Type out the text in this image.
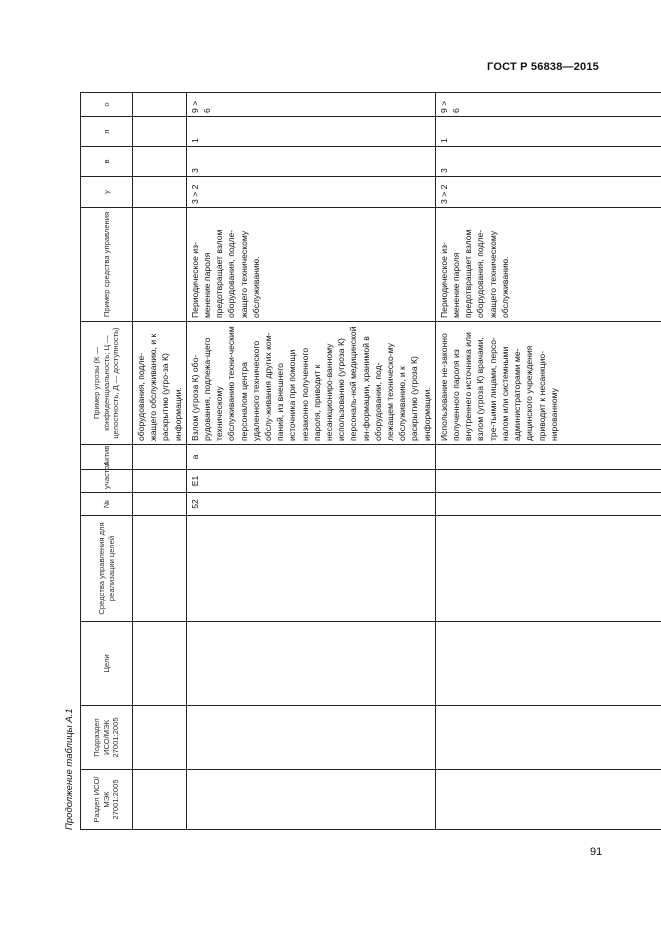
ГОСТ Р 56838—2015
Продолжение таблицы А.1 Раздел ИСО/МЭК 27001:2005	Подраздел ИСО/МЭК 27001:2005	Цели	Средства управления для реализации целей	№	участок	Актив	Пример угрозы (К — конфиденциальность; Ц — целостность, Д — доступность)	Пример средства управления	у	в	п	о
							оборудования, подле-жащего обслуживанию, и к раскрытию (угро-за К) информации.					
				52	Е1	а	Взлом (угроза К) обо-рудования, подлежа-щего техническому обслуживанию техни-ческим персоналом центра удаленного технического обслу-живания других ком-паний, из внешнего источника при помощи незаконно полученного пароля, приводит к несанкциониро-ванному использованию (угроза К) персональ-ной медицинской ин-формации, хранимой в оборудовании, под-лежащем техническо-му обслуживанию, и к раскрытию (угроза К) информации.	Периодическое из-менение пароля предотвращает взлом оборудования, подле-жащего техническому обслуживанию.	3 > 2	3	1	9 > 6
							Использование не-законно полученного пароля из внутреннего источника или взлом (угроза К) врачами, тре-тьими лицами, персо-налом или системными администраторами ме-дицинского учреждения приводит к несанкцио-нированному	Периодическое из-менение пароля предотвращает взлом оборудования, подле-жащего техническому обслуживанию.	3 > 2	3	1	9 > 6
91
